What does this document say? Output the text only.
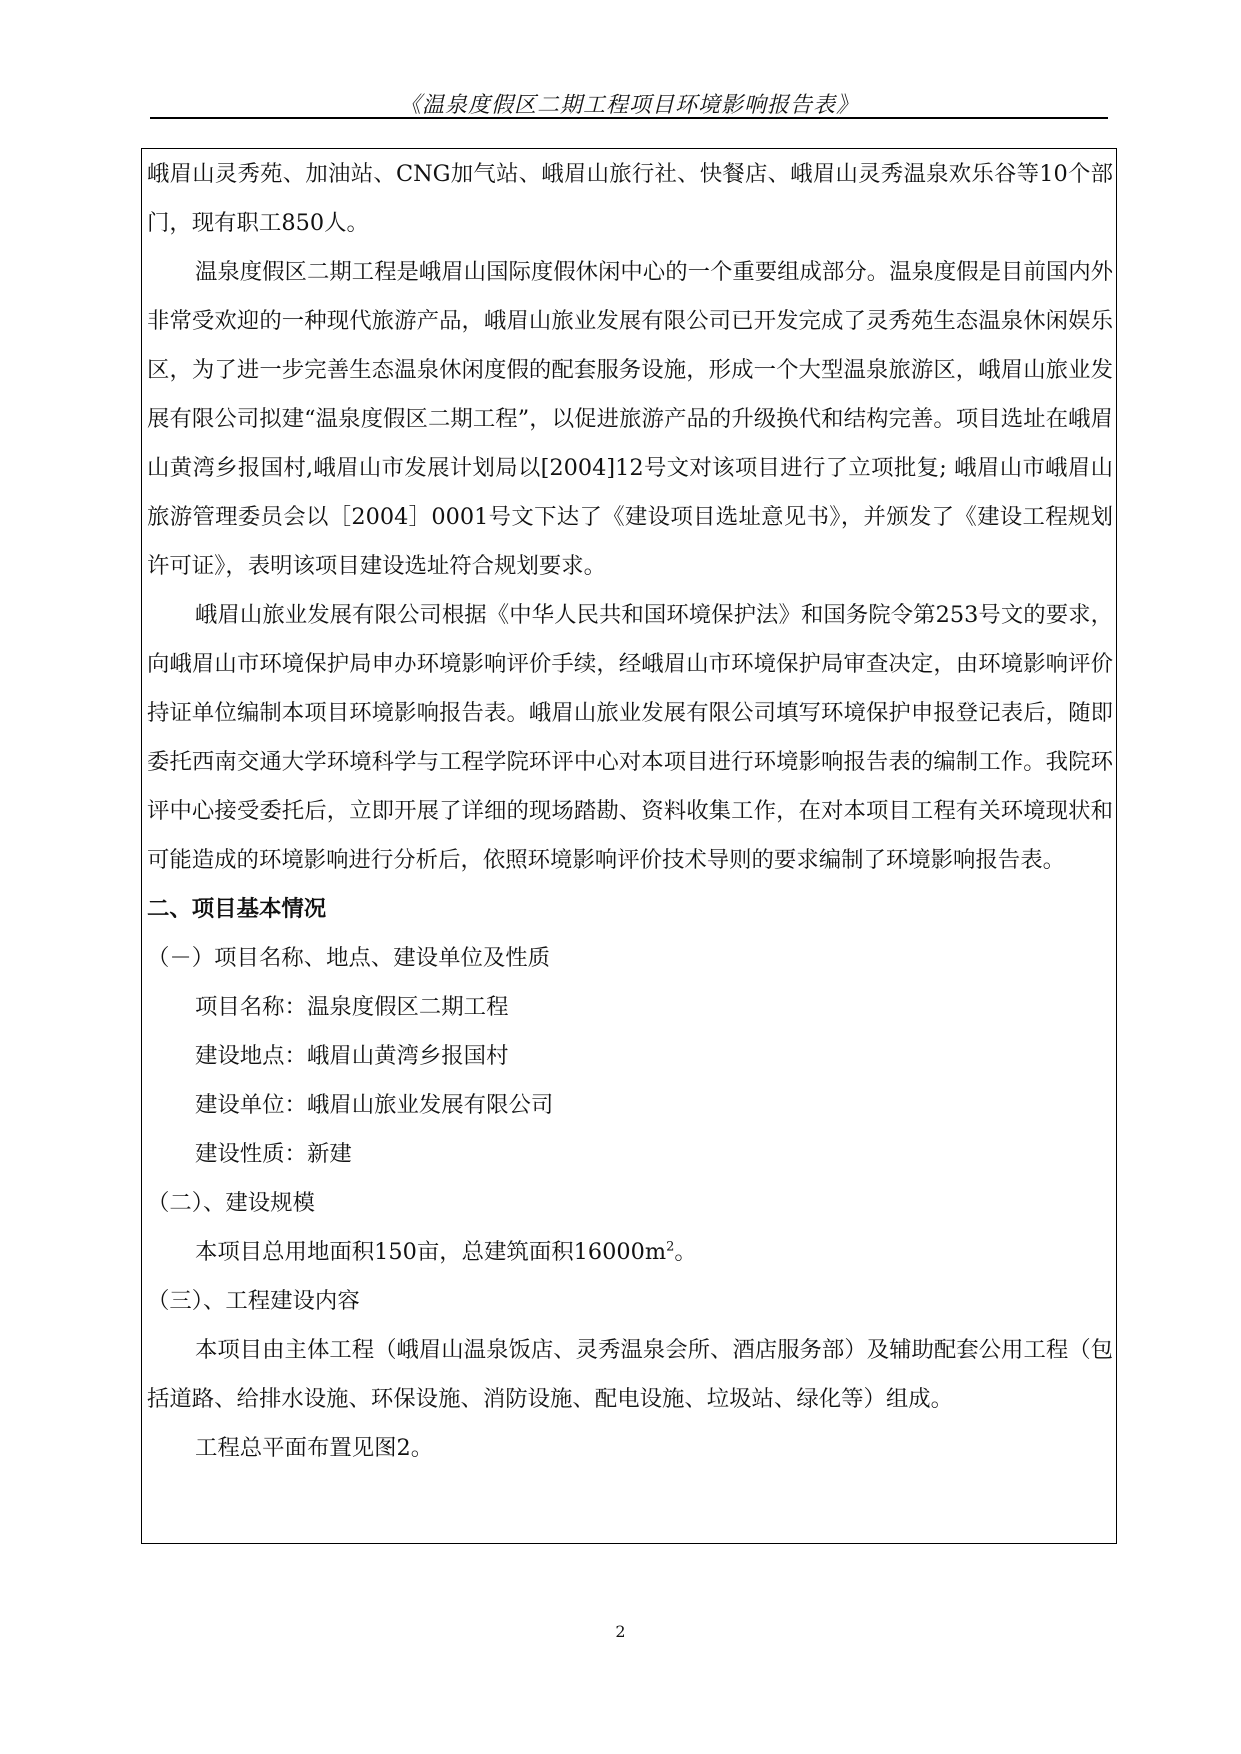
《温泉度假区二期工程项目环境影响报告表》

峨眉山灵秀苑、加油站、CNG加气站、峨眉山旅行社、快餐店、峨眉山灵秀温泉欢乐谷等10个部门，现有职工850人。

温泉度假区二期工程是峨眉山国际度假休闲中心的一个重要组成部分。温泉度假是目前国内外非常受欢迎的一种现代旅游产品，峨眉山旅业发展有限公司已开发完成了灵秀苑生态温泉休闲娱乐区，为了进一步完善生态温泉休闲度假的配套服务设施，形成一个大型温泉旅游区，峨眉山旅业发展有限公司拟建“温泉度假区二期工程”，以促进旅游产品的升级换代和结构完善。项目选址在峨眉山黄湾乡报国村,峨眉山市发展计划局以[2004]12号文对该项目进行了立项批复; 峨眉山市峨眉山旅游管理委员会以［2004］0001号文下达了《建设项目选址意见书》，并颁发了《建设工程规划许可证》，表明该项目建设选址符合规划要求。

峨眉山旅业发展有限公司根据《中华人民共和国环境保护法》和国务院令第253号文的要求，向峨眉山市环境保护局申办环境影响评价手续，经峨眉山市环境保护局审查决定，由环境影响评价持证单位编制本项目环境影响报告表。峨眉山旅业发展有限公司填写环境保护申报登记表后，随即委托西南交通大学环境科学与工程学院环评中心对本项目进行环境影响报告表的编制工作。我院环评中心接受委托后，立即开展了详细的现场踏勘、资料收集工作，在对本项目工程有关环境现状和可能造成的环境影响进行分析后，依照环境影响评价技术导则的要求编制了环境影响报告表。

二、项目基本情况

（－）项目名称、地点、建设单位及性质

项目名称：温泉度假区二期工程

建设地点：峨眉山黄湾乡报国村

建设单位：峨眉山旅业发展有限公司

建设性质：新建

（二）、建设规模

本项目总用地面积150亩，总建筑面积$16000m^2$。

（三）、工程建设内容

本项目由主体工程（峨眉山温泉饭店、灵秀温泉会所、酒店服务部）及辅助配套公用工程（包括道路、给排水设施、环保设施、消防设施、配电设施、垃圾站、绿化等）组成。

工程总平面布置见图2。

2
